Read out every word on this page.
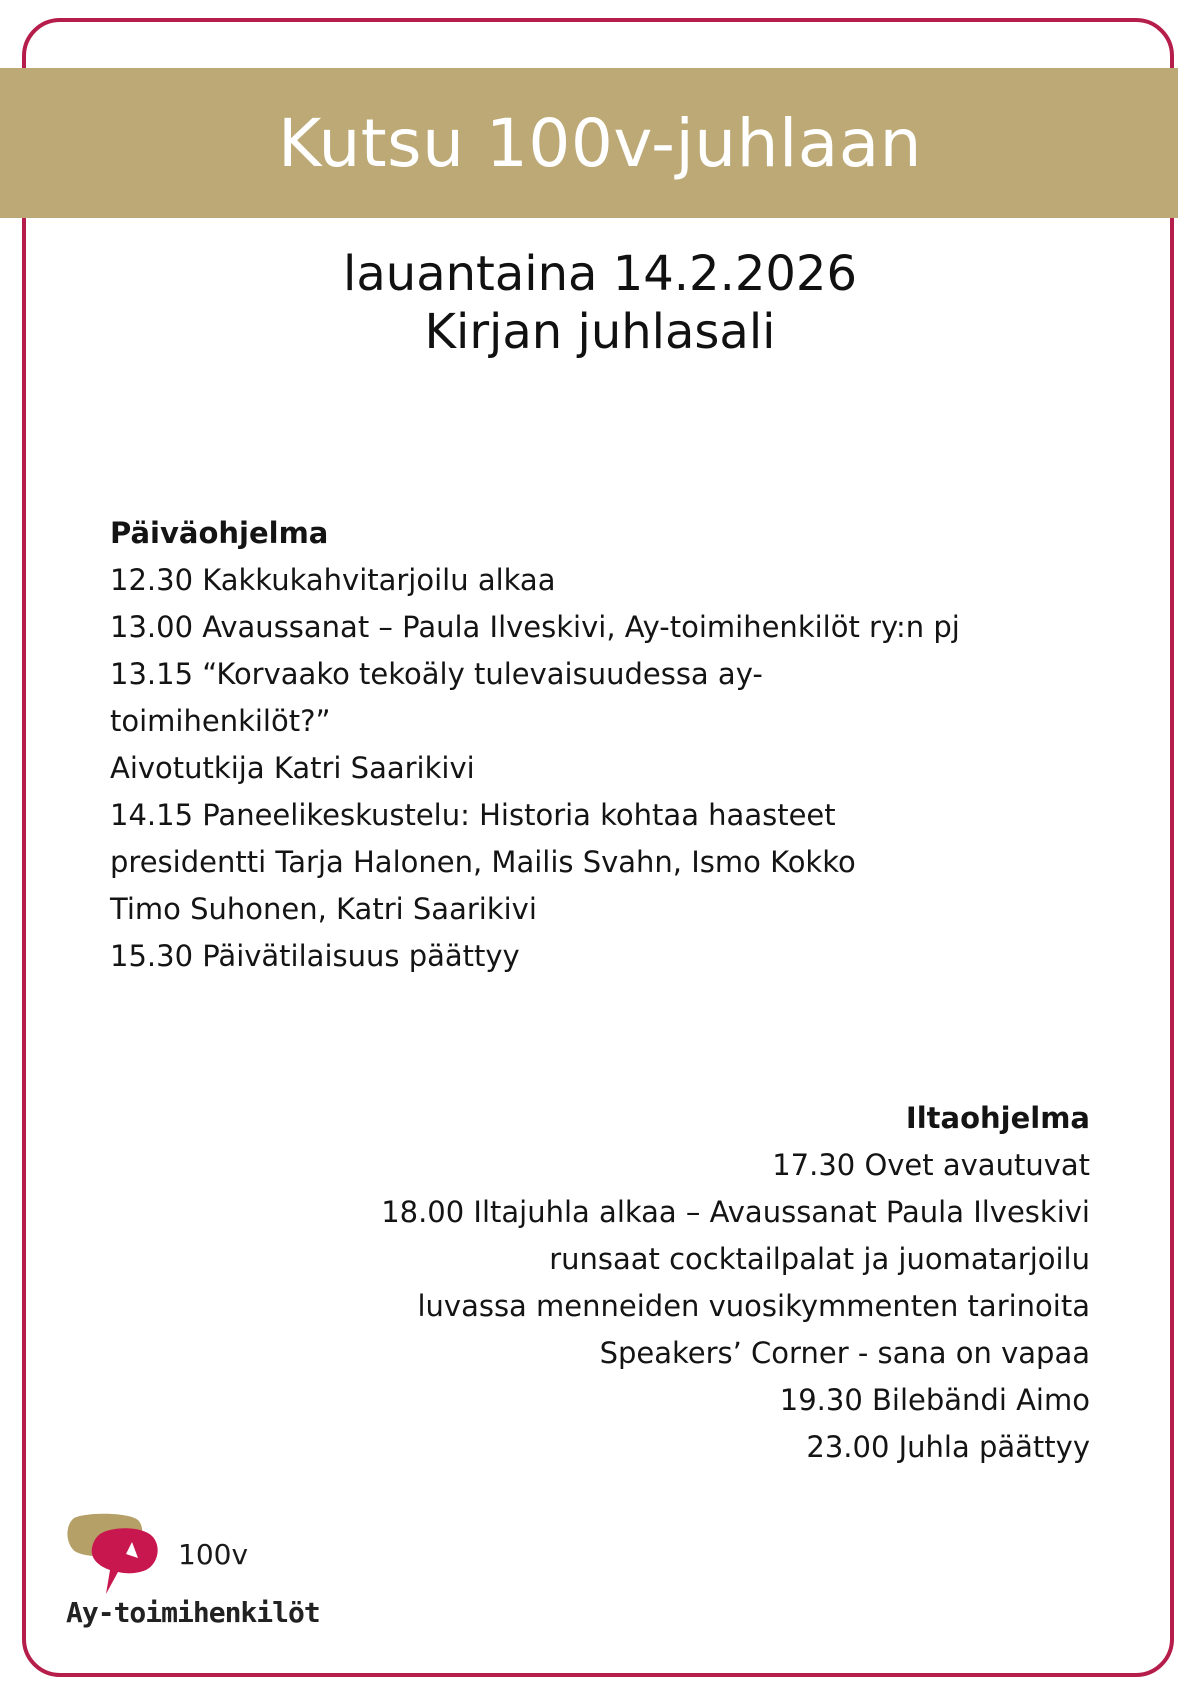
Kutsu 100v-juhlaan
lauantaina 14.2.2026
Kirjan juhlasali
Päiväohjelma
12.30 Kakkukahvitarjoilu alkaa
13.00 Avaussanat – Paula Ilveskivi, Ay-toimihenkilöt ry:n pj
13.15 “Korvaako tekoäly tulevaisuudessa ay-
toimihenkilöt?”
Aivotutkija Katri Saarikivi
14.15 Paneelikeskustelu: Historia kohtaa haasteet
presidentti Tarja Halonen, Mailis Svahn, Ismo Kokko
Timo Suhonen, Katri Saarikivi
15.30 Päivätilaisuus päättyy
Iltaohjelma
17.30 Ovet avautuvat
18.00 Iltajuhla alkaa – Avaussanat Paula Ilveskivi
runsaat cocktailpalat ja juomatarjoilu
luvassa menneiden vuosikymmenten tarinoita
Speakers’ Corner - sana on vapaa
19.30 Bilebändi Aimo
23.00 Juhla päättyy
100v
Ay-toimihenkilöt
